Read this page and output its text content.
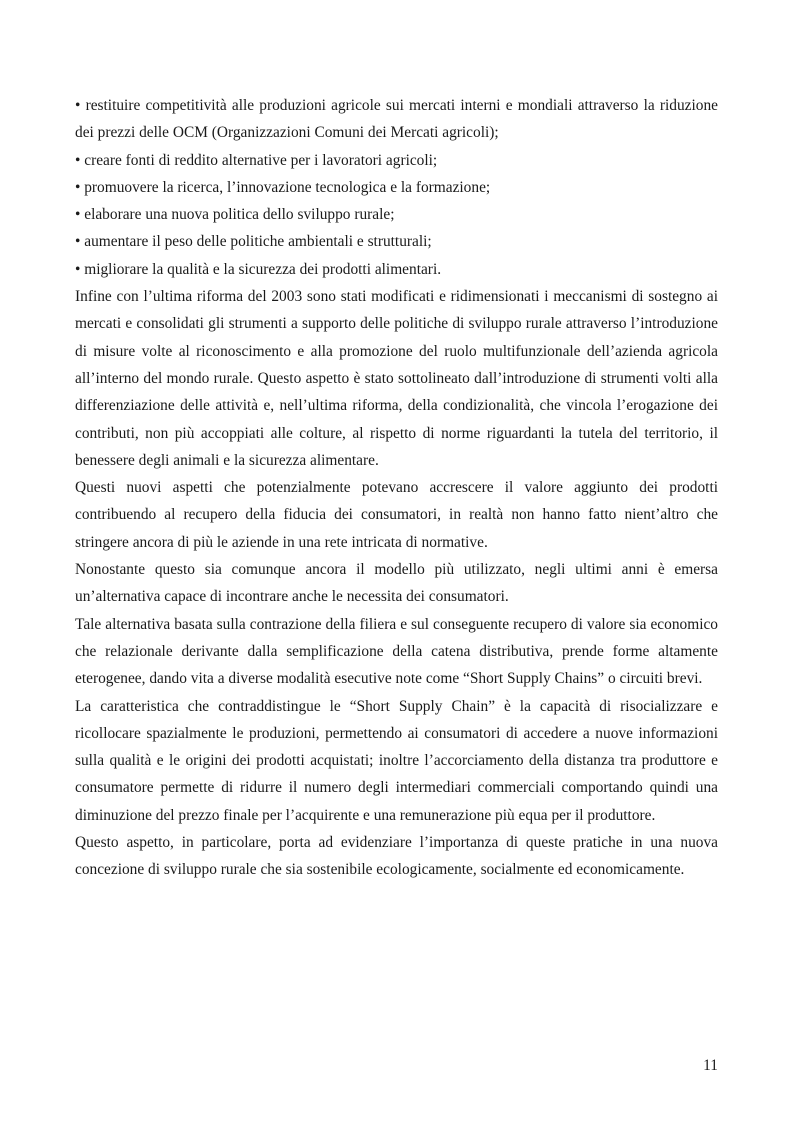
• restituire competitività alle produzioni agricole sui mercati interni e mondiali attraverso la riduzione dei prezzi delle OCM (Organizzazioni Comuni dei Mercati agricoli);

• creare fonti di reddito alternative per i lavoratori agricoli;

• promuovere la ricerca, l’innovazione tecnologica e la formazione;

• elaborare una nuova politica dello sviluppo rurale;

• aumentare il peso delle politiche ambientali e strutturali;

• migliorare la qualità e la sicurezza dei prodotti alimentari.

Infine con l’ultima riforma del 2003 sono stati modificati e ridimensionati i meccanismi di sostegno ai mercati e consolidati gli strumenti a supporto delle politiche di sviluppo rurale attraverso l’introduzione di misure volte al riconoscimento e alla promozione del ruolo multifunzionale dell’azienda agricola all’interno del mondo rurale. Questo aspetto è stato sottolineato dall’introduzione di strumenti volti alla differenziazione delle attività e, nell’ultima riforma, della condizionalità, che vincola l’erogazione dei contributi, non più accoppiati alle colture, al rispetto di norme riguardanti la tutela del territorio, il benessere degli animali e la sicurezza alimentare.

Questi nuovi aspetti che potenzialmente potevano accrescere il valore aggiunto dei prodotti contribuendo al recupero della fiducia dei consumatori, in realtà non hanno fatto nient’altro che stringere ancora di più le aziende in una rete intricata di normative.

Nonostante questo sia comunque ancora il modello più utilizzato, negli ultimi anni è emersa un’alternativa capace di incontrare anche le necessita dei consumatori.

Tale alternativa basata sulla contrazione della filiera e sul conseguente recupero di valore sia economico che relazionale derivante dalla semplificazione della catena distributiva, prende forme altamente eterogenee, dando vita a diverse modalità esecutive note come “Short Supply Chains” o circuiti brevi.

La caratteristica che contraddistingue le “Short Supply Chain” è la capacità di risocializzare e ricollocare spazialmente le produzioni, permettendo ai consumatori di accedere a nuove informazioni sulla qualità e le origini dei prodotti acquistati; inoltre l’accorciamento della distanza tra produttore e consumatore permette di ridurre il numero degli intermediari commerciali comportando quindi una diminuzione del prezzo finale per l’acquirente e una remunerazione più equa per il produttore.

Questo aspetto, in particolare, porta ad evidenziare l’importanza di queste pratiche in una nuova concezione di sviluppo rurale che sia sostenibile ecologicamente, socialmente ed economicamente.

11
